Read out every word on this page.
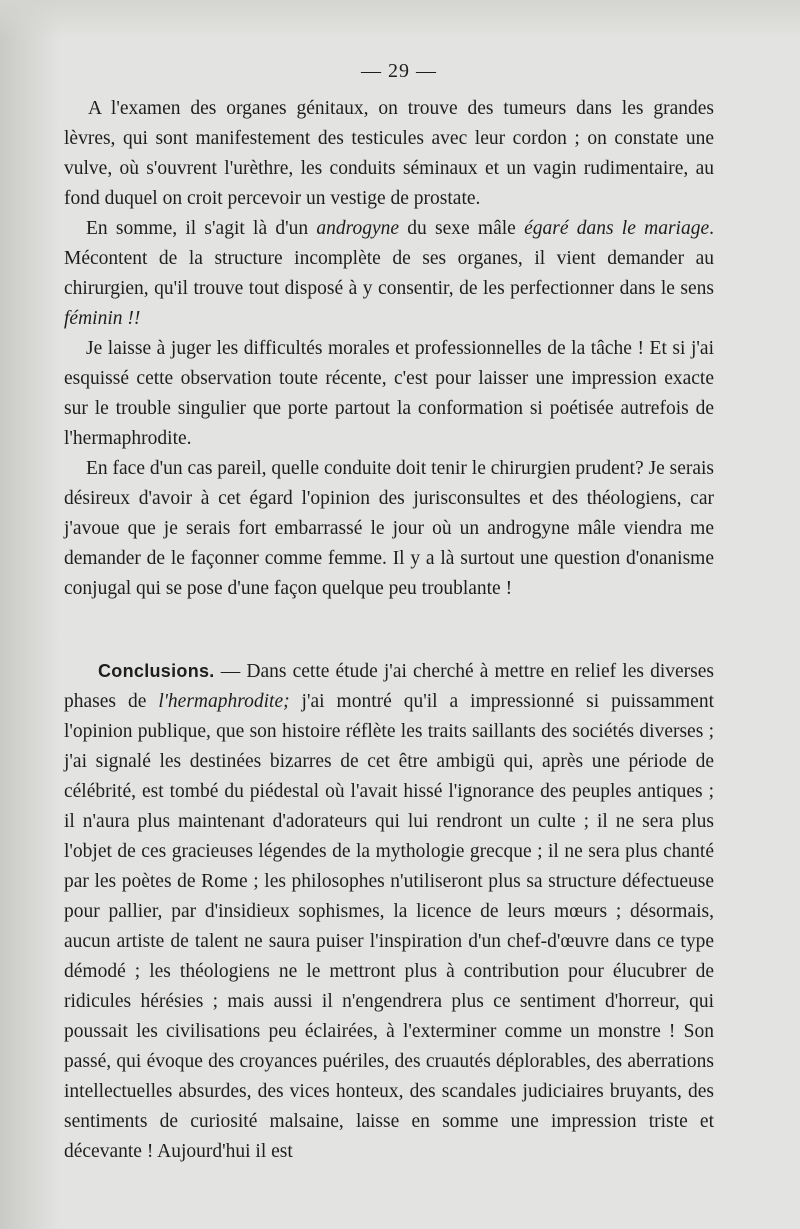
— 29 —

A l'examen des organes génitaux, on trouve des tumeurs dans les grandes lèvres, qui sont manifestement des testicules avec leur cordon ; on constate une vulve, où s'ouvrent l'urèthre, les conduits séminaux et un vagin rudimentaire, au fond duquel on croit percevoir un vestige de prostate.

En somme, il s'agit là d'un androgyne du sexe mâle égaré dans le mariage. Mécontent de la structure incomplète de ses organes, il vient demander au chirurgien, qu'il trouve tout disposé à y consentir, de les perfectionner dans le sens féminin !!

Je laisse à juger les difficultés morales et professionnelles de la tâche ! Et si j'ai esquissé cette observation toute récente, c'est pour laisser une impression exacte sur le trouble singulier que porte partout la conformation si poétisée autrefois de l'hermaphrodite.

En face d'un cas pareil, quelle conduite doit tenir le chirurgien prudent? Je serais désireux d'avoir à cet égard l'opinion des jurisconsultes et des théologiens, car j'avoue que je serais fort embarrassé le jour où un androgyne mâle viendra me demander de le façonner comme femme. Il y a là surtout une question d'onanisme conjugal qui se pose d'une façon quelque peu troublante !

Conclusions. — Dans cette étude j'ai cherché à mettre en relief les diverses phases de l'hermaphrodite; j'ai montré qu'il a impressionné si puissamment l'opinion publique, que son histoire réflète les traits saillants des sociétés diverses ; j'ai signalé les destinées bizarres de cet être ambigü qui, après une période de célébrité, est tombé du piédestal où l'avait hissé l'ignorance des peuples antiques ; il n'aura plus maintenant d'adorateurs qui lui rendront un culte ; il ne sera plus l'objet de ces gracieuses légendes de la mythologie grecque ; il ne sera plus chanté par les poètes de Rome ; les philosophes n'utiliseront plus sa structure défectueuse pour pallier, par d'insidieux sophismes, la licence de leurs mœurs ; désormais, aucun artiste de talent ne saura puiser l'inspiration d'un chef-d'œuvre dans ce type démodé ; les théologiens ne le mettront plus à contribution pour élucubrer de ridicules hérésies ; mais aussi il n'engendrera plus ce sentiment d'horreur, qui poussait les civilisations peu éclairées, à l'exterminer comme un monstre ! Son passé, qui évoque des croyances puériles, des cruautés déplorables, des aberrations intellectuelles absurdes, des vices honteux, des scandales judiciaires bruyants, des sentiments de curiosité malsaine, laisse en somme une impression triste et décevante ! Aujourd'hui il est
